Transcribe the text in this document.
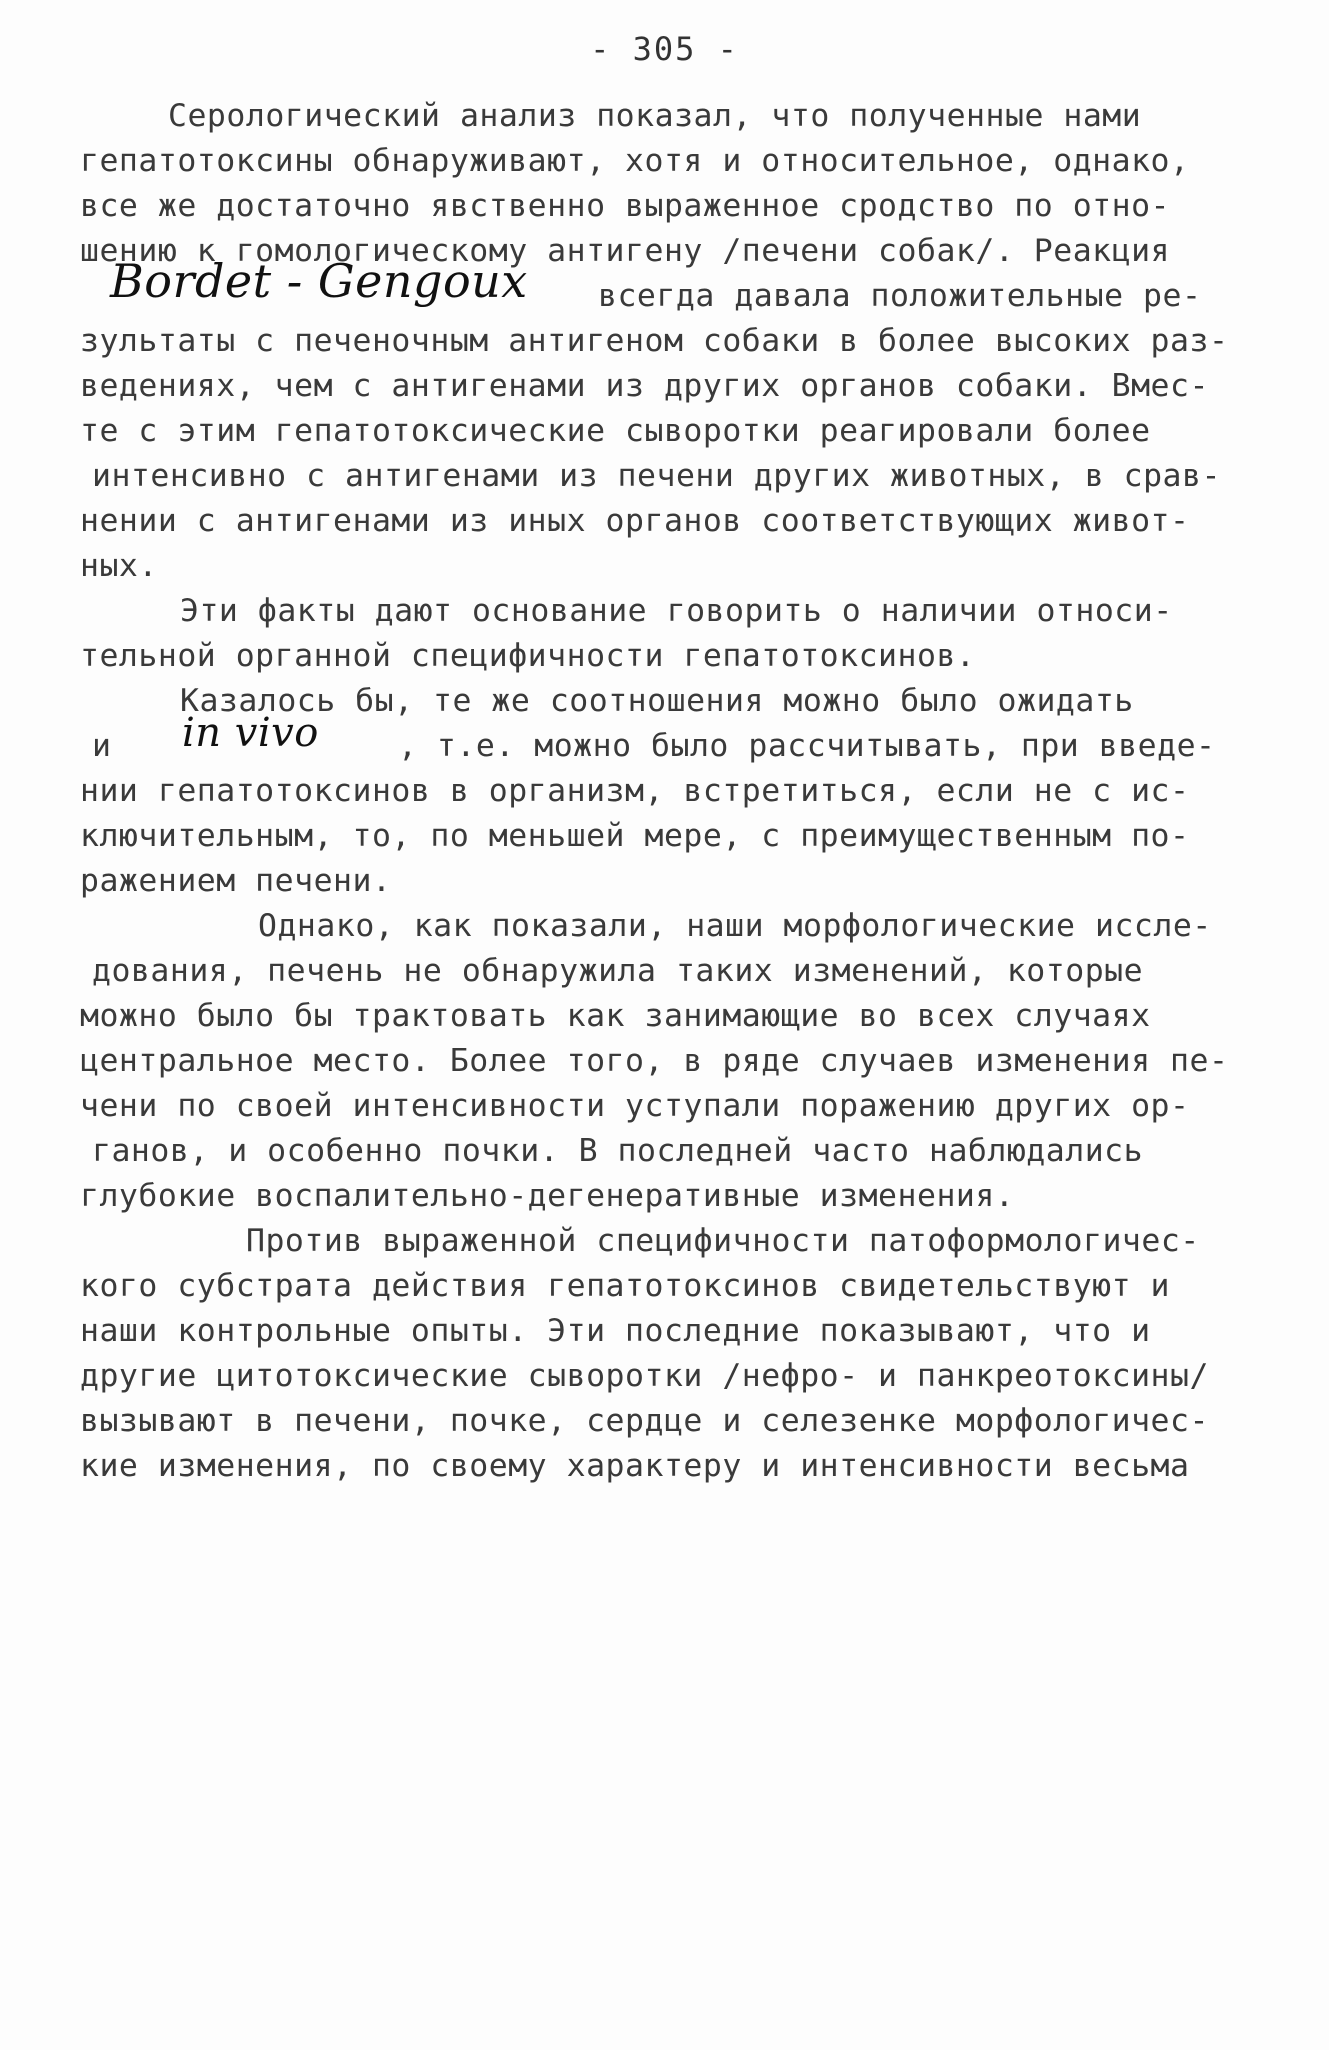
- 305 -
Серологический анализ показал, что полученные нами
гепатотоксины обнаруживают, хотя и относительное, однако,
все же достаточно явственно выраженное сродство по отно-
шению к гомологическому антигену /печени собак/. Реакция
Bordet - Gengoux всегда давала положительные ре-
зультаты с печеночным антигеном собаки в более высоких раз-
ведениях, чем с антигенами из других органов собаки. Вмес-
те с этим гепатотоксические сыворотки реагировали более
интенсивно с антигенами из печени других животных, в срав-
нении с антигенами из иных органов соответствующих живот-
ных.
Эти факты дают основание говорить о наличии относи-
тельной органной специфичности гепатотоксинов.
Казалось бы, те же соотношения можно было ожидать
и in vivo	, т.е. можно было рассчитывать, при введе-
нии гепатотоксинов в организм, встретиться, если не с ис-
ключительным, то, по меньшей мере, с преимущественным по-
ражением печени.
Однако, как показали, наши морфологические иссле-
дования, печень не обнаружила таких изменений, которые
можно было бы трактовать как занимающие во всех случаях
центральное место. Более того, в ряде случаев изменения пе-
чени по своей интенсивности уступали поражению других ор-
ганов, и особенно почки. В последней часто наблюдались
глубокие воспалительно-дегенеративные изменения.
Против выраженной специфичности патоформологичес-
кого субстрата действия гепатотоксинов свидетельствуют и
наши контрольные опыты. Эти последние показывают, что и
другие цитотоксические сыворотки /нефро- и панкреотоксины/
вызывают в печени, почке, сердце и селезенке морфологичес-
кие изменения, по своему характеру и интенсивности весьма
